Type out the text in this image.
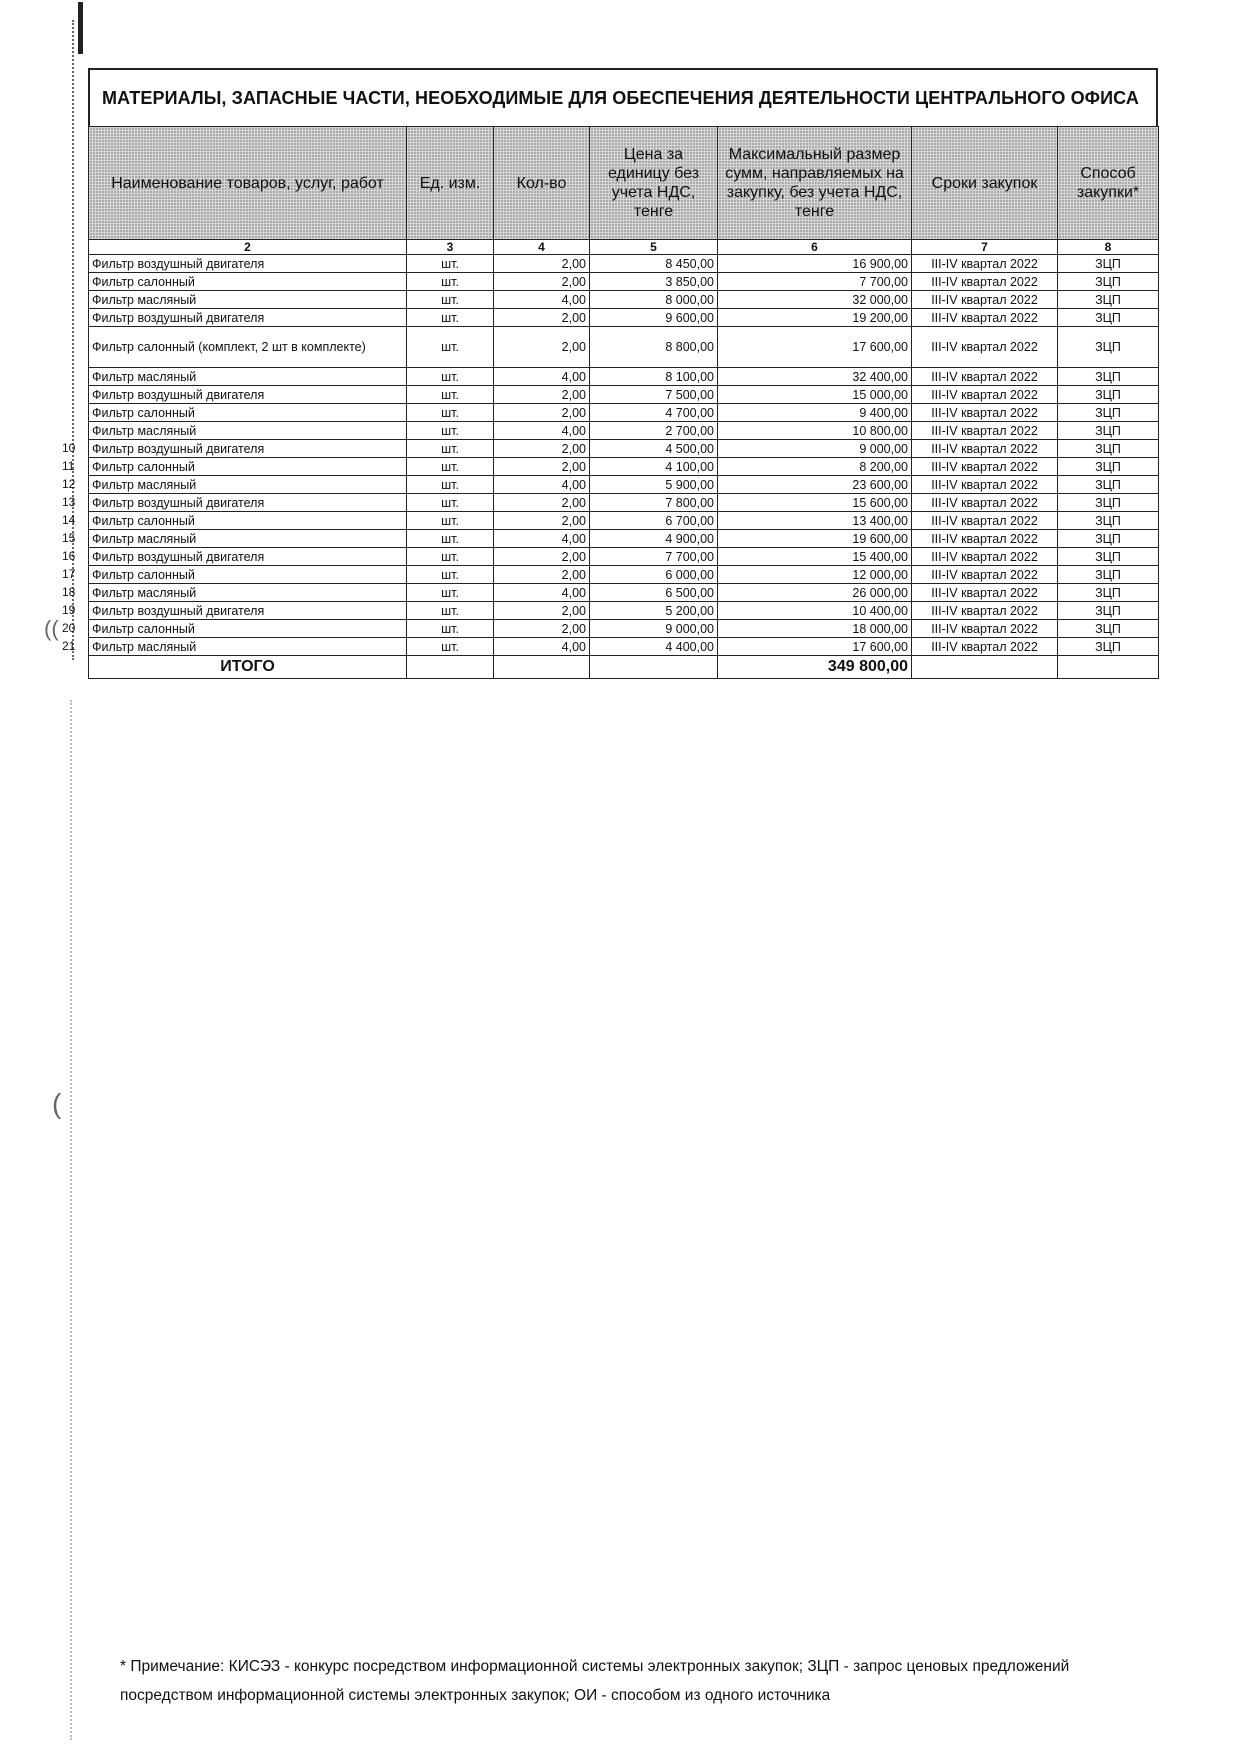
(
((
МАТЕРИАЛЫ, ЗАПАСНЫЕ ЧАСТИ, НЕОБХОДИМЫЕ ДЛЯ ОБЕСПЕЧЕНИЯ ДЕЯТЕЛЬНОСТИ ЦЕНТРАЛЬНОГО ОФИСА
Наименование товаров, услуг, работ	Ед. изм.	Кол-во	Цена за единицу без учета НДС, тенге	Максимальный размер сумм, направляемых на закупку, без учета НДС, тенге	Сроки закупок	Способ закупки*
2	3	4	5	6	7	8
Фильтр воздушный двигателя	шт.	2,00	8 450,00	16 900,00	III-IV квартал 2022	ЗЦП
Фильтр салонный	шт.	2,00	3 850,00	7 700,00	III-IV квартал 2022	ЗЦП
Фильтр масляный	шт.	4,00	8 000,00	32 000,00	III-IV квартал 2022	ЗЦП
Фильтр воздушный двигателя	шт.	2,00	9 600,00	19 200,00	III-IV квартал 2022	ЗЦП
Фильтр салонный (комплект, 2 шт в комплекте)	шт.	2,00	8 800,00	17 600,00	III-IV квартал 2022	ЗЦП
Фильтр масляный	шт.	4,00	8 100,00	32 400,00	III-IV квартал 2022	ЗЦП
Фильтр воздушный двигателя	шт.	2,00	7 500,00	15 000,00	III-IV квартал 2022	ЗЦП
Фильтр салонный	шт.	2,00	4 700,00	9 400,00	III-IV квартал 2022	ЗЦП
Фильтр масляный	шт.	4,00	2 700,00	10 800,00	III-IV квартал 2022	ЗЦП
Фильтр воздушный двигателя	шт.	2,00	4 500,00	9 000,00	III-IV квартал 2022	ЗЦП
Фильтр салонный	шт.	2,00	4 100,00	8 200,00	III-IV квартал 2022	ЗЦП
Фильтр масляный	шт.	4,00	5 900,00	23 600,00	III-IV квартал 2022	ЗЦП
Фильтр воздушный двигателя	шт.	2,00	7 800,00	15 600,00	III-IV квартал 2022	ЗЦП
Фильтр салонный	шт.	2,00	6 700,00	13 400,00	III-IV квартал 2022	ЗЦП
Фильтр масляный	шт.	4,00	4 900,00	19 600,00	III-IV квартал 2022	ЗЦП
Фильтр воздушный двигателя	шт.	2,00	7 700,00	15 400,00	III-IV квартал 2022	ЗЦП
Фильтр салонный	шт.	2,00	6 000,00	12 000,00	III-IV квартал 2022	ЗЦП
Фильтр масляный	шт.	4,00	6 500,00	26 000,00	III-IV квартал 2022	ЗЦП
Фильтр воздушный двигателя	шт.	2,00	5 200,00	10 400,00	III-IV квартал 2022	ЗЦП
Фильтр салонный	шт.	2,00	9 000,00	18 000,00	III-IV квартал 2022	ЗЦП
Фильтр масляный	шт.	4,00	4 400,00	17 600,00	III-IV квартал 2022	ЗЦП
ИТОГО				349 800,00		
* Примечание: КИСЭЗ - конкурс посредством информационной системы электронных закупок; ЗЦП - запрос ценовых предложений посредством информационной системы электронных закупок; ОИ - способом из одного источника
10
11
12
13
14
15
16
17
18
19
20
21
